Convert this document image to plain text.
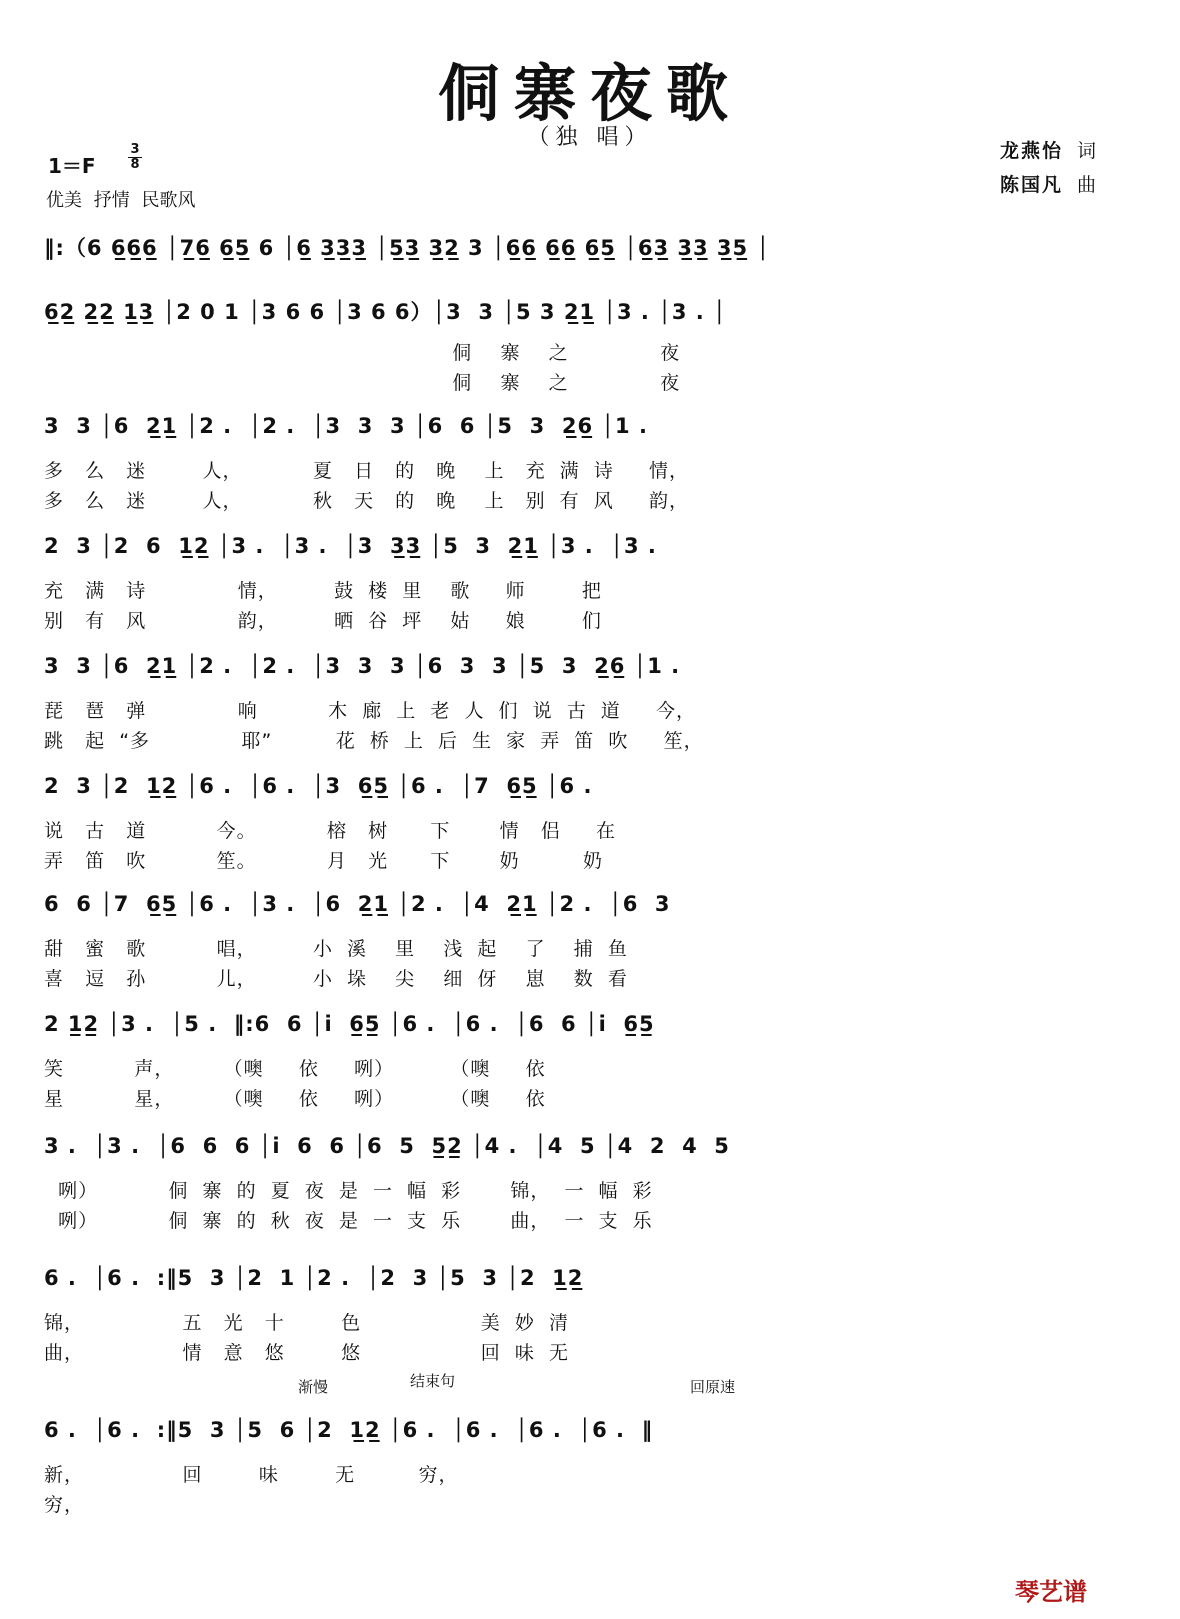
侗寨夜歌
（独 唱）
1＝F
3
8
优美 抒情 民歌风
龙燕怡 词
陈国凡 曲
‖:（6 6̲6̲6̲ │7̲6̲ 6̲5̲ 6 │6̲ 3̲3̲3̲ │5̲3̲ 3̲2̲ 3 │6̲6̲ 6̲6̲ 6̲5̲ │6̲3̲ 3̲3̲ 3̲5̲ │
6̲2̲ 2̲2̲ 1̲3̲ │2 0 1 │3 6 6 │3 6 6）│3  3 │5 3 2̲1̲ │3 . │3 . │
侗    寨    之             夜
侗    寨    之             夜
3  3 │6  2̲1̲ │2 .  │2 .  │3  3  3 │6  6 │5  3  2̲6̲ │1 .
多   么   迷        人，          夏   日   的   晚    上   充  满  诗     情，
多   么   迷        人，          秋   天   的   晚    上   别  有  风     韵，
2  3 │2  6  1̲2̲ │3 .  │3 .  │3  3̲3̲ │5  3  2̲1̲ │3 .  │3 .
充   满   诗             情，        鼓  楼  里    歌     师        把
别   有   风             韵，        晒  谷  坪    姑     娘        们
3  3 │6  2̲1̲ │2 .  │2 .  │3  3  3 │6  3  3 │5  3  2̲6̲ │1 .
琵   琶   弹             响          木  廊  上  老  人  们  说  古  道     今，
跳   起  “多             耶”         花  桥  上  后  生  家  弄  笛  吹     笙，
2  3 │2  1̲2̲ │6 .  │6 .  │3  6̲5̲ │6 .  │7  6̲5̲ │6 .
说   古   道          今。          榕   树      下       情   侣     在
弄   笛   吹          笙。          月   光      下       奶         奶
6  6 │7  6̲5̲ │6 .  │3 .  │6  2̲1̲ │2 .  │4  2̲1̲ │2 .  │6  3
甜   蜜   歌          唱，        小  溪    里    浅  起    了    捕  鱼
喜   逗   孙          儿，        小  垛    尖    细  伢    崽    数  看
2 1̲2̲ │3 .  │5 .  ‖:6  6 │i  6̲5̲ │6 .  │6 .  │6  6 │i  6̲5̲
笑          声，       （噢     依     咧）        （噢     依
星          星，       （噢     依     咧）        （噢     依
3 .  │3 .  │6  6  6 │i  6  6 │6  5  5̲2̲ │4 .  │4  5 │4  2  4  5
咧）          侗  寨  的  夏  夜  是  一  幅  彩       锦，  一  幅  彩
咧）          侗  寨  的  秋  夜  是  一  支  乐       曲，  一  支  乐
6 .  │6 .  :‖5  3 │2  1 │2 .  │2  3 │5  3 │2  1̲2̲
锦，              五   光   十        色                 美  妙  清
曲，              情   意   悠        悠                 回  味  无
渐慢	结束句	回原速
6 .  │6 .  :‖5  3 │5  6 │2  1̲2̲ │6 .  │6 .  │6 .  │6 .  ‖
新，              回        味        无         穷，
穷，
琴艺谱
